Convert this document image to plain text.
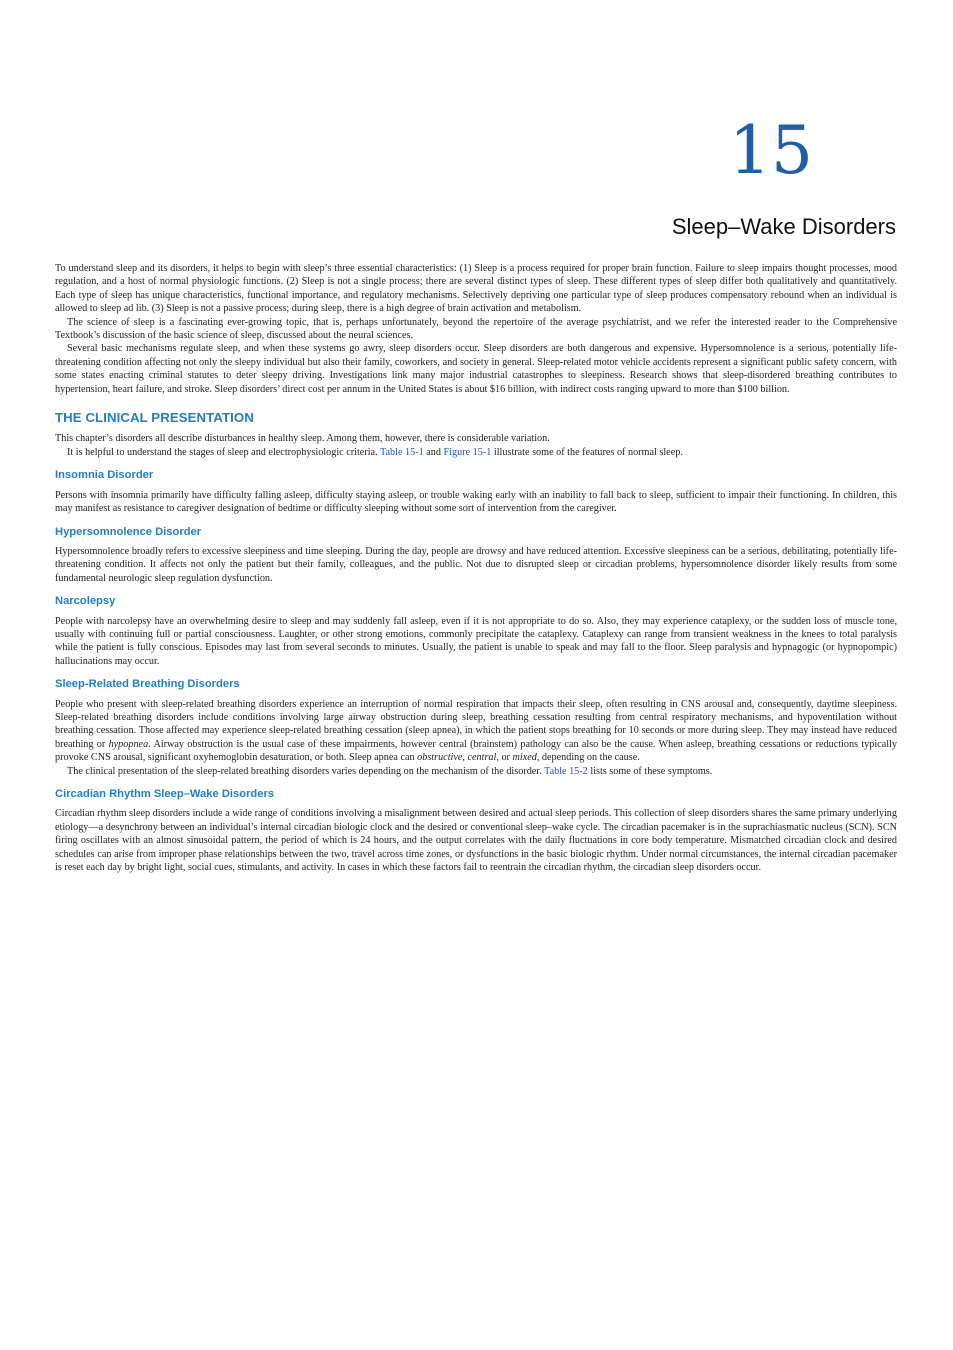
15
Sleep–Wake Disorders

To understand sleep and its disorders, it helps to begin with sleep’s three essential characteristics: (1) Sleep is a process required for proper brain function. Failure to sleep impairs thought processes, mood regulation, and a host of normal physiologic functions. (2) Sleep is not a single process; there are several distinct types of sleep. These different types of sleep differ both qualitatively and quantitatively. Each type of sleep has unique characteristics, functional importance, and regulatory mechanisms. Selectively depriving one particular type of sleep produces compensatory rebound when an individual is allowed to sleep ad lib. (3) Sleep is not a passive process; during sleep, there is a high degree of brain activation and metabolism.

The science of sleep is a fascinating ever-growing topic, that is, perhaps unfortunately, beyond the repertoire of the average psychiatrist, and we refer the interested reader to the Comprehensive Textbook’s discussion of the basic science of sleep, discussed about the neural sciences.

Several basic mechanisms regulate sleep, and when these systems go awry, sleep disorders occur. Sleep disorders are both dangerous and expensive. Hypersomnolence is a serious, potentially life-threatening condition affecting not only the sleepy individual but also their family, coworkers, and society in general. Sleep-related motor vehicle accidents represent a significant public safety concern, with some states enacting criminal statutes to deter sleepy driving. Investigations link many major industrial catastrophes to sleepiness. Research shows that sleep-disordered breathing contributes to hypertension, heart failure, and stroke. Sleep disorders’ direct cost per annum in the United States is about $16 billion, with indirect costs ranging upward to more than $100 billion.

THE CLINICAL PRESENTATION

This chapter’s disorders all describe disturbances in healthy sleep. Among them, however, there is considerable variation.

It is helpful to understand the stages of sleep and electrophysiologic criteria. Table 15-1 and Figure 15-1 illustrate some of the features of normal sleep.

Insomnia Disorder

Persons with insomnia primarily have difficulty falling asleep, difficulty staying asleep, or trouble waking early with an inability to fall back to sleep, sufficient to impair their functioning. In children, this may manifest as resistance to caregiver designation of bedtime or difficulty sleeping without some sort of intervention from the caregiver.

Hypersomnolence Disorder

Hypersomnolence broadly refers to excessive sleepiness and time sleeping. During the day, people are drowsy and have reduced attention. Excessive sleepiness can be a serious, debilitating, potentially life-threatening condition. It affects not only the patient but their family, colleagues, and the public. Not due to disrupted sleep or circadian problems, hypersomnolence disorder likely results from some fundamental neurologic sleep regulation dysfunction.

Narcolepsy

People with narcolepsy have an overwhelming desire to sleep and may suddenly fall asleep, even if it is not appropriate to do so. Also, they may experience cataplexy, or the sudden loss of muscle tone, usually with continuing full or partial consciousness. Laughter, or other strong emotions, commonly precipitate the cataplexy. Cataplexy can range from transient weakness in the knees to total paralysis while the patient is fully conscious. Episodes may last from several seconds to minutes. Usually, the patient is unable to speak and may fall to the floor. Sleep paralysis and hypnagogic (or hypnopompic) hallucinations may occur.

Sleep-Related Breathing Disorders

People who present with sleep-related breathing disorders experience an interruption of normal respiration that impacts their sleep, often resulting in CNS arousal and, consequently, daytime sleepiness. Sleep-related breathing disorders include conditions involving large airway obstruction during sleep, breathing cessation resulting from central respiratory mechanisms, and hypoventilation without breathing cessation. Those affected may experience sleep-related breathing cessation (sleep apnea), in which the patient stops breathing for 10 seconds or more during sleep. They may instead have reduced breathing or hypopnea. Airway obstruction is the usual case of these impairments, however central (brainstem) pathology can also be the cause. When asleep, breathing cessations or reductions typically provoke CNS arousal, significant oxyhemoglobin desaturation, or both. Sleep apnea can obstructive, central, or mixed, depending on the cause.

The clinical presentation of the sleep-related breathing disorders varies depending on the mechanism of the disorder. Table 15-2 lists some of these symptoms.

Circadian Rhythm Sleep–Wake Disorders

Circadian rhythm sleep disorders include a wide range of conditions involving a misalignment between desired and actual sleep periods. This collection of sleep disorders shares the same primary underlying etiology—a desynchrony between an individual’s internal circadian biologic clock and the desired or conventional sleep–wake cycle. The circadian pacemaker is in the suprachiasmatic nucleus (SCN). SCN firing oscillates with an almost sinusoidal pattern, the period of which is 24 hours, and the output correlates with the daily fluctuations in core body temperature. Mismatched circadian clock and desired schedules can arise from improper phase relationships between the two, travel across time zones, or dysfunctions in the basic biologic rhythm. Under normal circumstances, the internal circadian pacemaker is reset each day by bright light, social cues, stimulants, and activity. In cases in which these factors fail to reentrain the circadian rhythm, the circadian sleep disorders occur.
